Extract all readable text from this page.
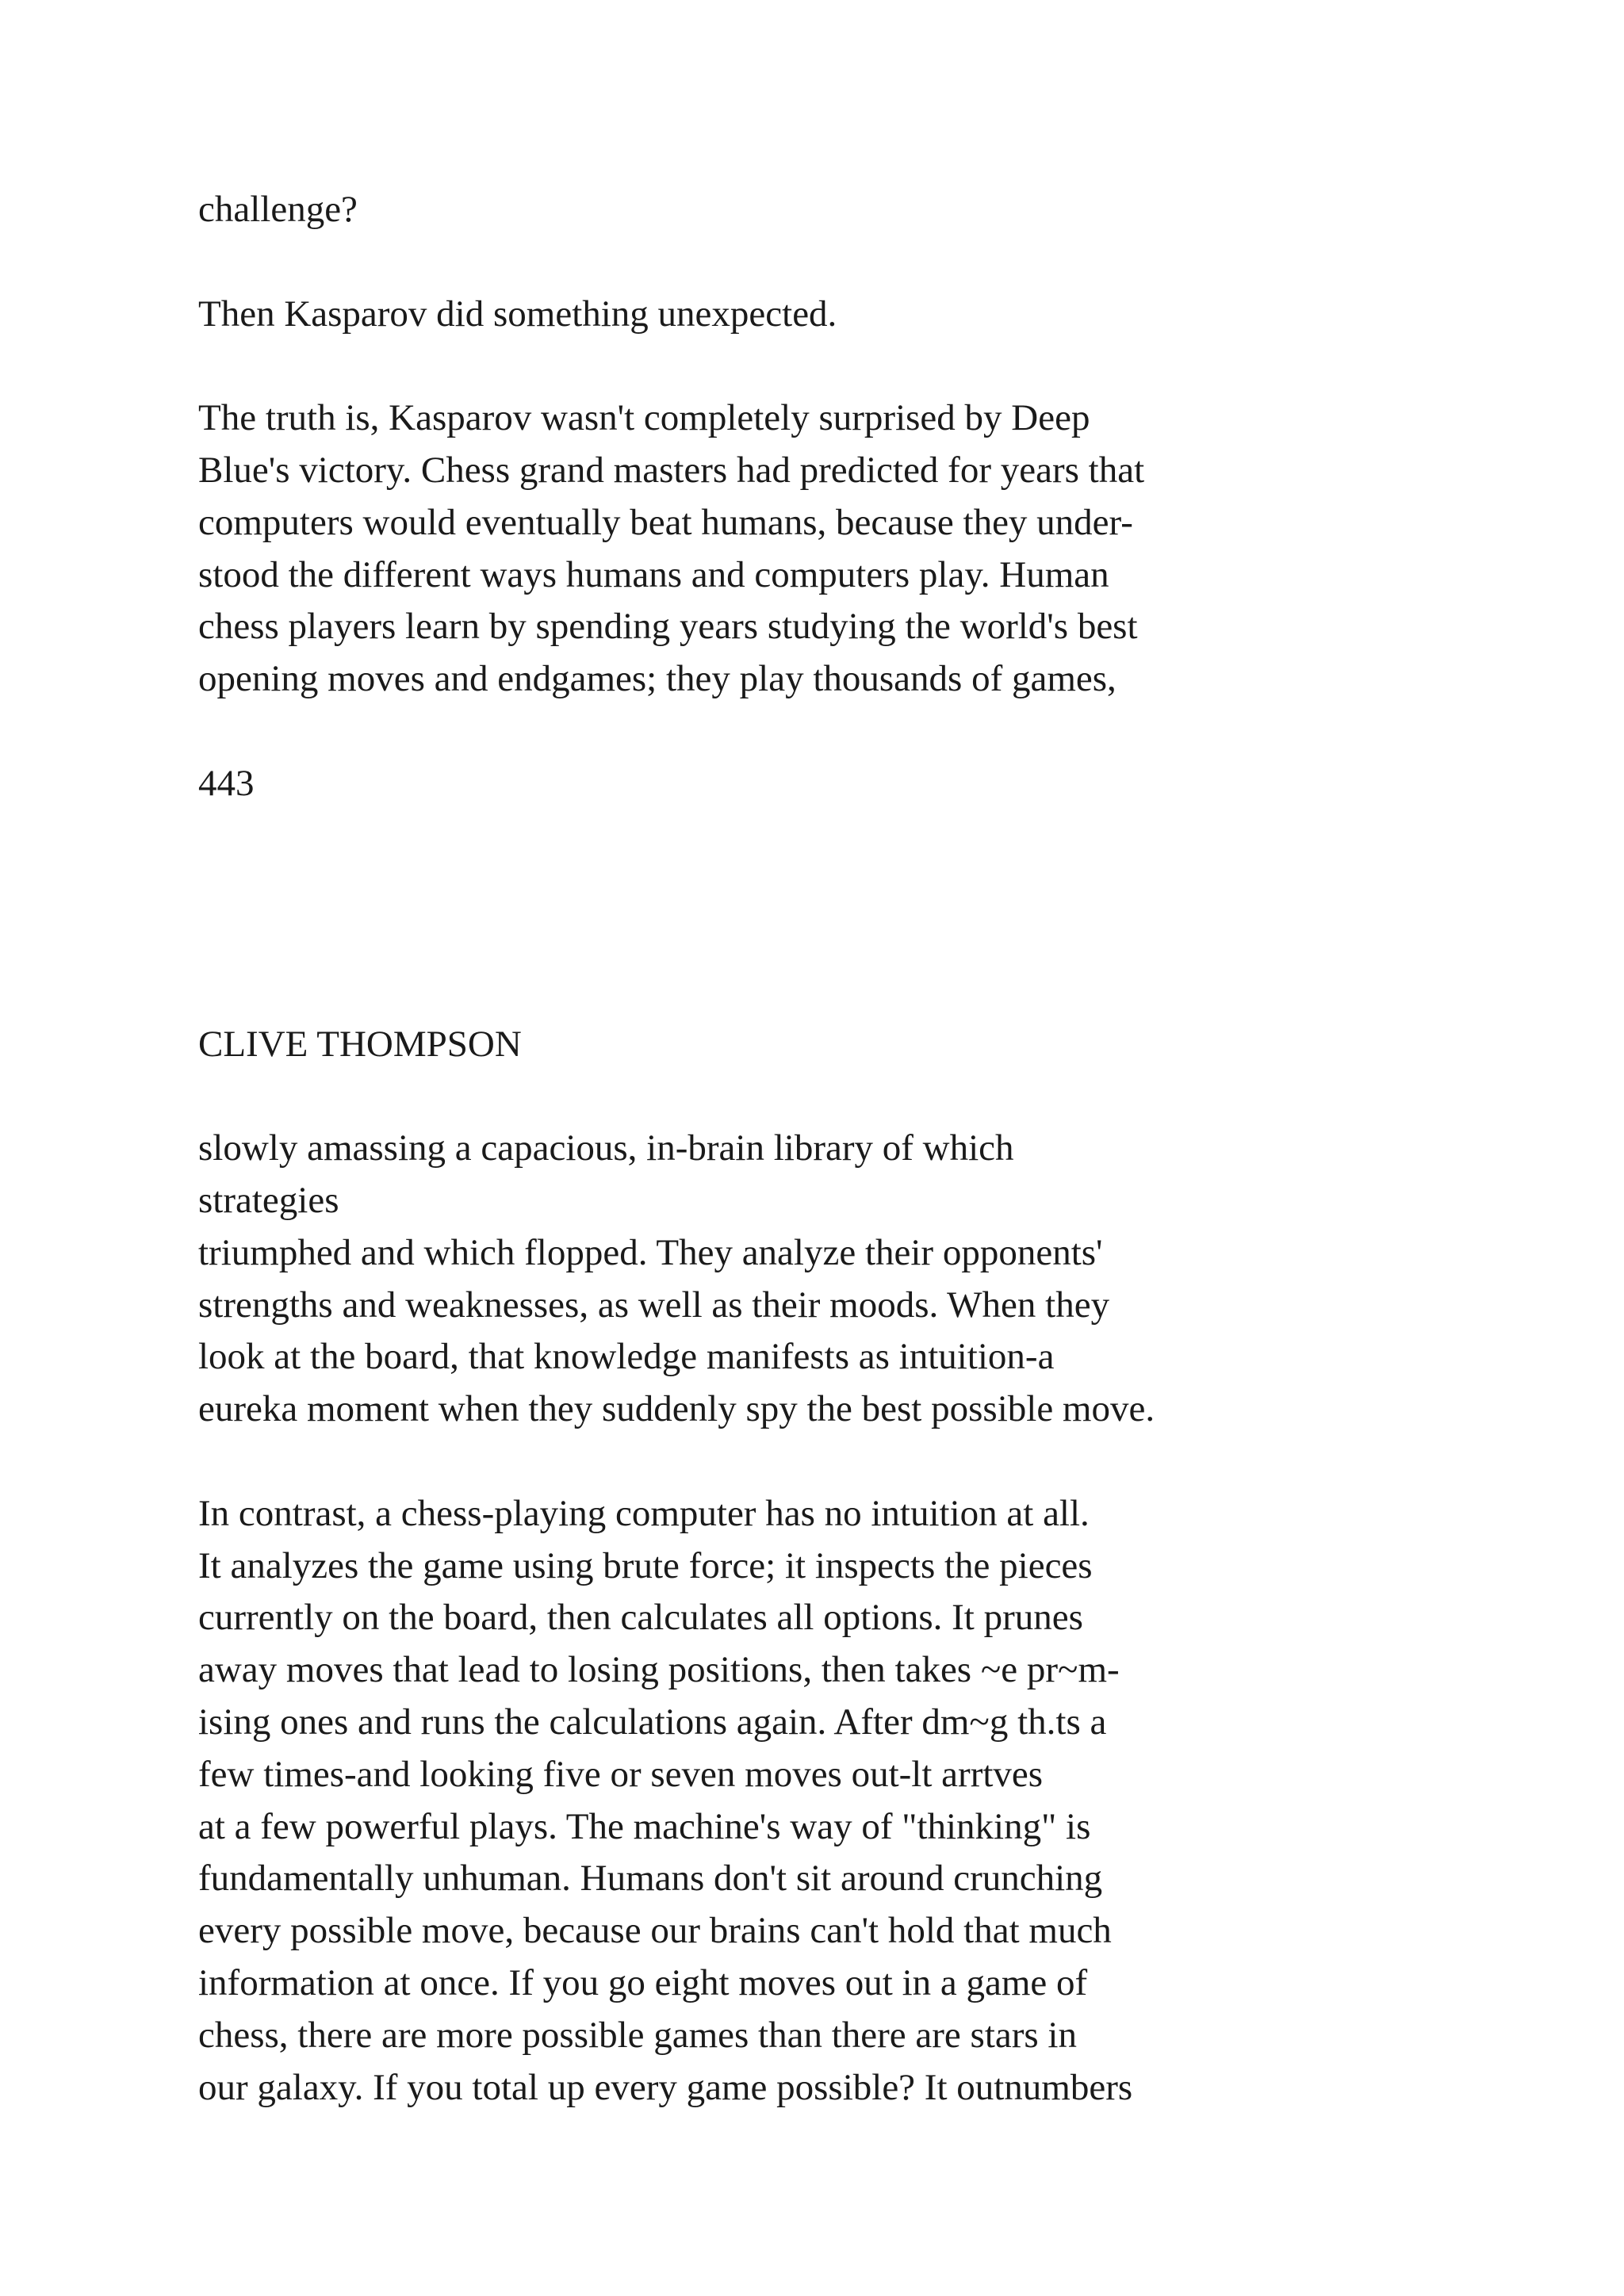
challenge?
Then Kasparov did something unexpected.
The truth is, Kasparov wasn't completely surprised by Deep
Blue's victory. Chess grand masters had predicted for years that
computers would eventually beat humans, because they under-
stood the different ways humans and computers play. Human
chess players learn by spending years studying the world's best
opening moves and endgames; they play thousands of games,
443
CLIVE THOMPSON
slowly amassing a capacious, in-brain library of which
strategies
triumphed and which flopped. They analyze their opponents'
strengths and weaknesses, as well as their moods. When they
look at the board, that knowledge manifests as intuition-a
eureka moment when they suddenly spy the best possible move.
In contrast, a chess-playing computer has no intuition at all.
It analyzes the game using brute force; it inspects the pieces
currently on the board, then calculates all options. It prunes
away moves that lead to losing positions, then takes ~e pr~m-
ising ones and runs the calculations again. After dm~g th.ts a
few times-and looking five or seven moves out-lt arrtves
at a few powerful plays. The machine's way of "thinking" is
fundamentally unhuman. Humans don't sit around crunching
every possible move, because our brains can't hold that much
information at once. If you go eight moves out in a game of
chess, there are more possible games than there are stars in
our galaxy. If you total up every game possible? It outnumbers
